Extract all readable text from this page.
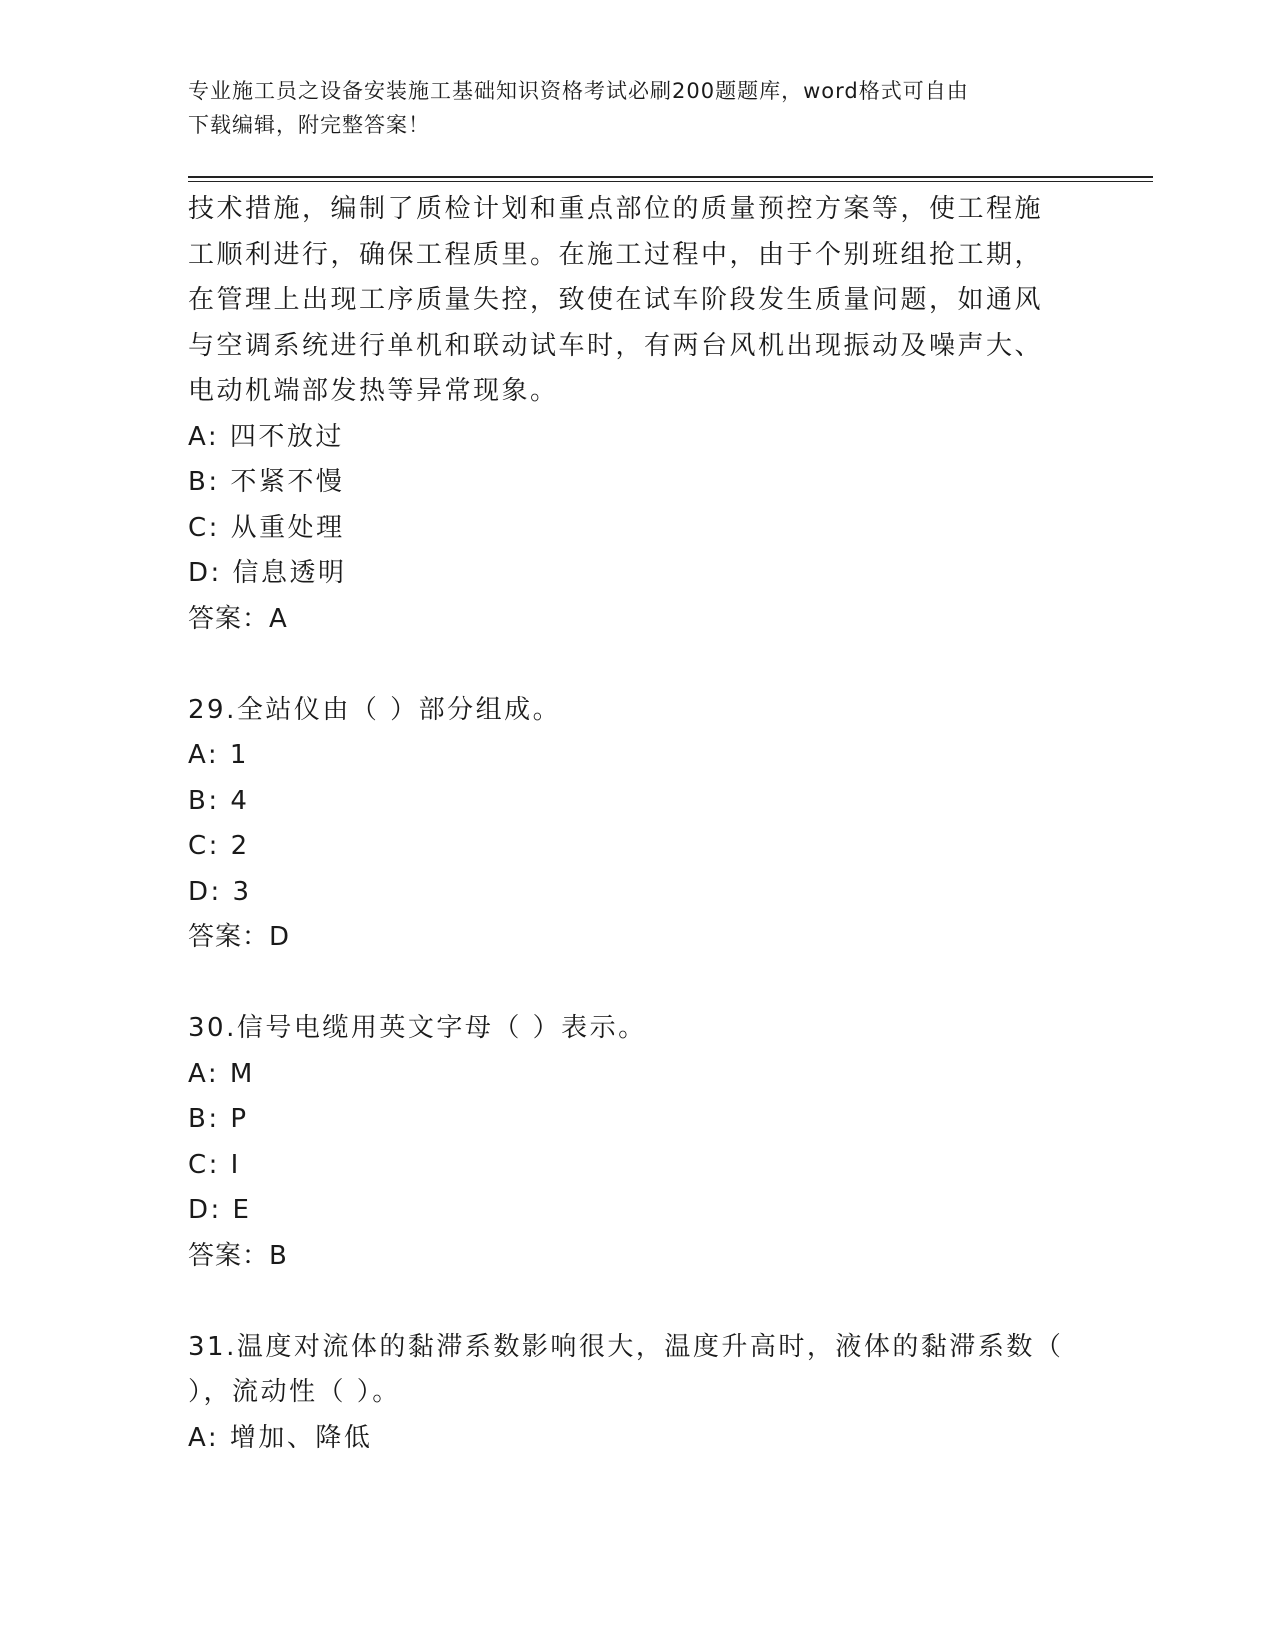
专业施工员之设备安装施工基础知识资格考试必刷200题题库，word格式可自由
下载编辑，附完整答案！
技术措施，编制了质检计划和重点部位的质量预控方案等，使工程施
工顺利进行，确保工程质里。在施工过程中，由于个别班组抢工期，
在管理上出现工序质量失控，致使在试车阶段发生质量问题，如通风
与空调系统进行单机和联动试车时，有两台风机出现振动及噪声大、
电动机端部发热等异常现象。
A: 四不放过
B: 不紧不慢
C: 从重处理
D: 信息透明
答案：A
29.全站仪由（ ）部分组成。
A: 1
B: 4
C: 2
D: 3
答案：D
30.信号电缆用英文字母（ ）表示。
A: M
B: P
C: I
D: E
答案：B
31.温度对流体的黏滞系数影响很大，温度升高时，液体的黏滞系数（
），流动性（ ）。
A: 增加、降低
